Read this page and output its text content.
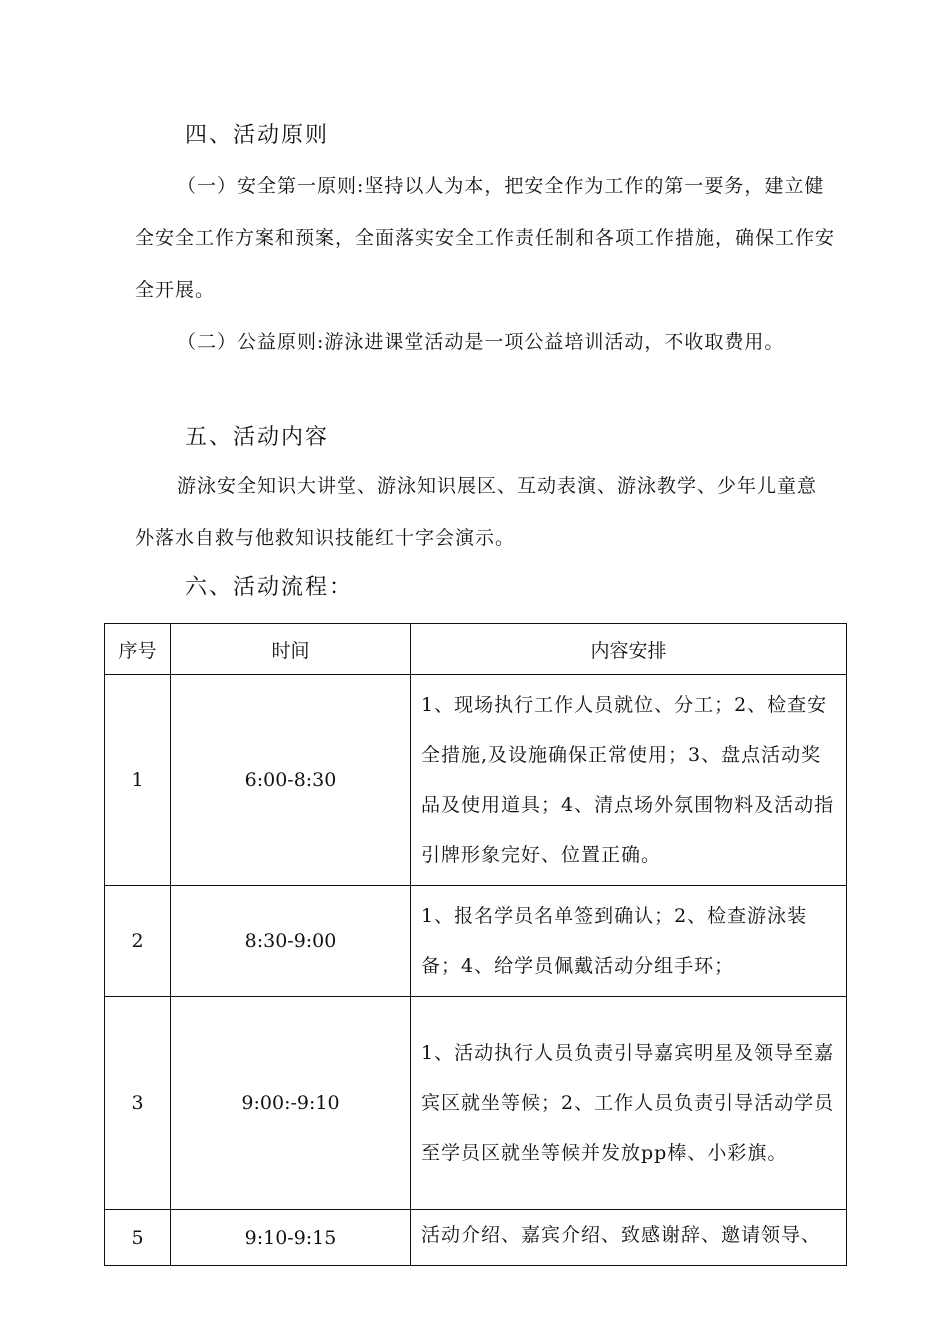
四、活动原则
（一）安全第一原则:坚持以人为本，把安全作为工作的第一要务，建立健全安全工作方案和预案，全面落实安全工作责任制和各项工作措施，确保工作安全开展。
（二）公益原则:游泳进课堂活动是一项公益培训活动，不收取费用。
五、活动内容
游泳安全知识大讲堂、游泳知识展区、互动表演、游泳教学、少年儿童意外落水自救与他救知识技能红十字会演示。
六、活动流程：
序号	时间	内容安排
1	6:00-8:30	1、现场执行工作人员就位、分工；2、检查安全措施,及设施确保正常使用；3、盘点活动奖品及使用道具；4、清点场外氛围物料及活动指引牌形象完好、位置正确。
2	8:30-9:00	1、报名学员名单签到确认；2、检查游泳装备；4、给学员佩戴活动分组手环；
3	9:00:-9:10	1、活动执行人员负责引导嘉宾明星及领导至嘉宾区就坐等候；2、工作人员负责引导活动学员至学员区就坐等候并发放pp棒、小彩旗。
5	9:10-9:15	活动介绍、嘉宾介绍、致感谢辞、邀请领导、
